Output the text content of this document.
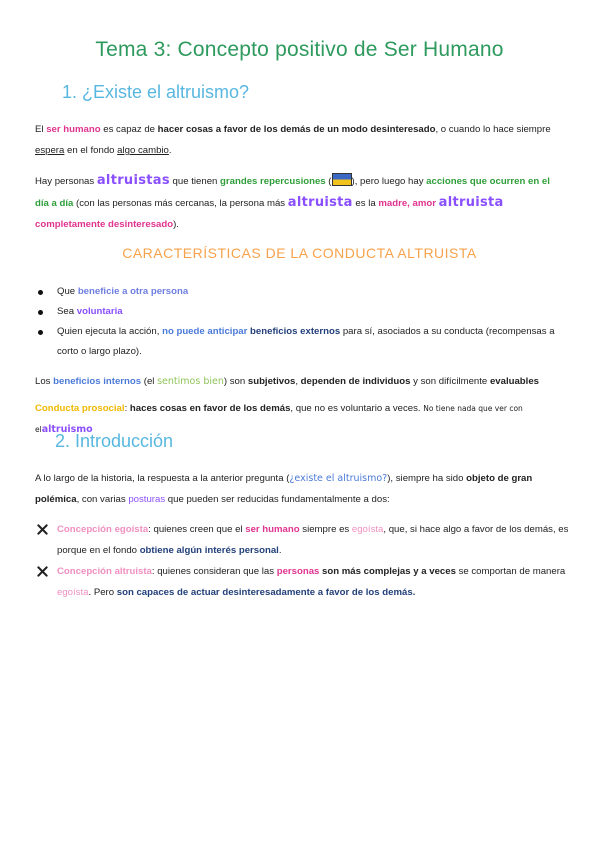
Tema 3: Concepto positivo de Ser Humano
1. ¿Existe el altruismo?

El ser humano es capaz de hacer cosas a favor de los demás de un modo desinteresado, o cuando lo hace siempre espera en el fondo algo cambio.

Hay personas altruistas que tienen grandes repercusiones ( ), pero luego hay acciones que ocurren en el día a día (con las personas más cercanas, la persona más altruista es la madre, amor altruista completamente desinteresado).

CARACTERÍSTICAS DE LA CONDUCTA ALTRUISTA
Que beneficie a otra persona
Sea voluntaria
Quien ejecuta la acción, no puede anticipar beneficios externos para sí, asociados a su conducta (recompensas a corto o largo plazo).

Los beneficios internos (el sentimos bien) son subjetivos, dependen de individuos y son difícilmente evaluables

Conducta prosocial: haces cosas en favor de los demás, que no es voluntario a veces. No tiene nada que ver con elaltruismo

2. Introducción

A lo largo de la historia, la respuesta a la anterior pregunta (¿existe el altruismo?), siempre ha sido objeto de gran polémica, con varias posturas que pueden ser reducidas fundamentalmente a dos:

Concepción egoísta: quienes creen que el ser humano siempre es egoísta, que, si hace algo a favor de los demás, es porque en el fondo obtiene algún interés personal.
Concepción altruista: quienes consideran que las personas son más complejas y a veces se comportan de manera egoísta. Pero son capaces de actuar desinteresadamente a favor de los demás.
